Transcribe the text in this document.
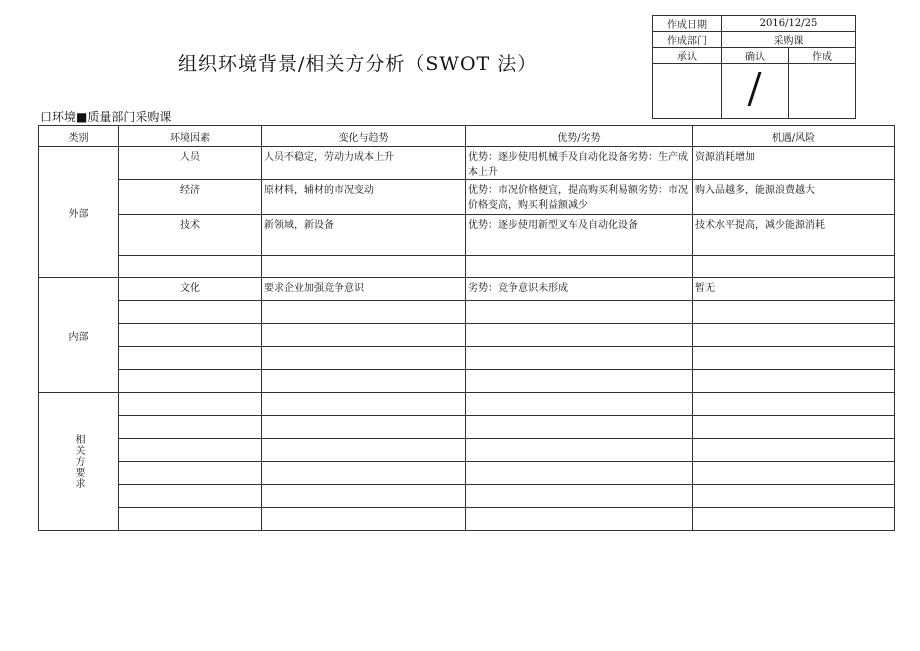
组织环境背景/相关方分析（SWOT 法）
作成日期	2016/12/25	
作成部门	采购课	
承认	确认	作成

口环境■质量部门采购课
类别	环境因素	变化与趋势	优势/劣势	机遇/风险
外部	人员	人员不稳定，劳动力成本上升	优势：逐步使用机械手及自动化设备劣势：生产成本上升	资源消耗增加
	经济	原材料，辅材的市况变动	优势：市况价格便宜，提高购买利易额劣势：市况价格变高，购买利益额减少	购入品越多，能源浪费越大
	技术	新领域，新设备	优势：逐步使用新型叉车及自动化设备	技术水平提高，减少能源消耗

内部	文化	要求企业加强竞争意识	劣势：竞争意识未形成	暂无

相关方要求				
